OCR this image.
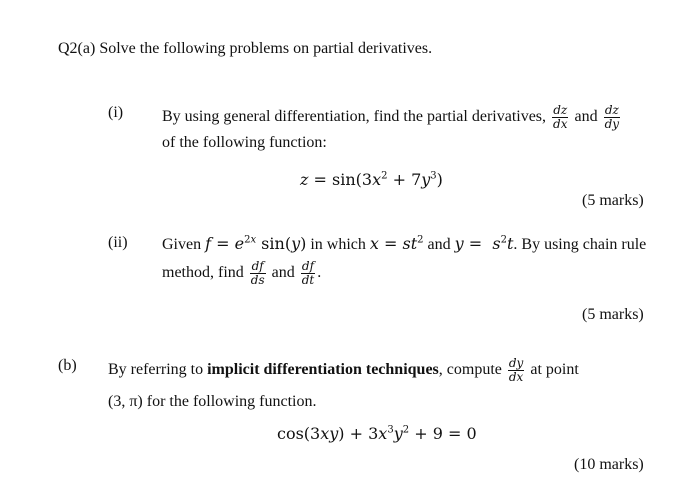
Q2(a) Solve the following problems on partial derivatives.
(i) By using general differentiation, find the partial derivatives, $\frac{dz}{dx}$ and $\frac{dz}{dy}$
of the following function:
$z = \sin(3x^2 + 7y^3)$
(5 marks)
(ii) Given $f = e^{2x}$ sin(y) in which $x = st^2$ and $y = s^2t$. By using chain rule
method, find $\frac{df}{ds}$ and $\frac{df}{dt}$ .
(5 marks)
(b) By referring to implicit differentiation techniques, compute $\frac{dy}{dx}$ at point
(3, π) for the following function.
$\cos(3xy) + 3x^3y^2 + 9 = 0$
(10 marks)
